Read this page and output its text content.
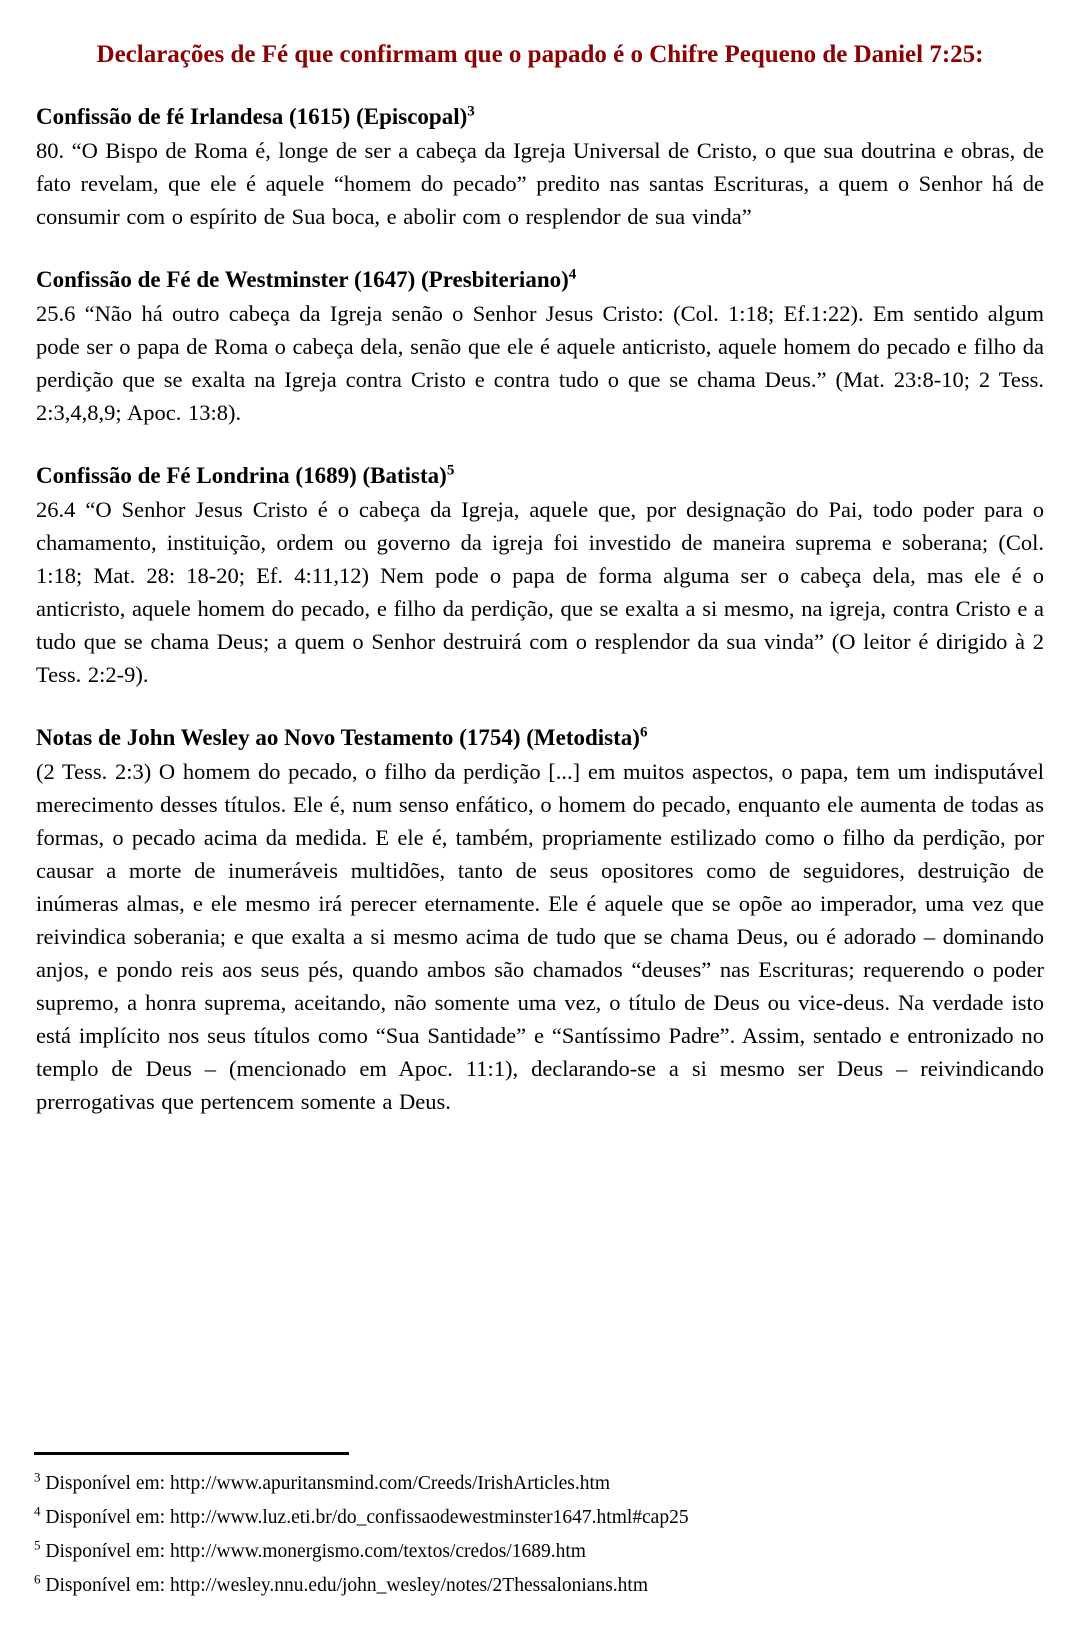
Declarações de Fé que confirmam que o papado é o Chifre Pequeno de Daniel 7:25:
Confissão de fé Irlandesa (1615) (Episcopal)$^3$

80. “O Bispo de Roma é, longe de ser a cabeça da Igreja Universal de Cristo, o que sua doutrina e obras, de fato revelam, que ele é aquele “homem do pecado” predito nas santas Escrituras, a quem o Senhor há de consumir com o espírito de Sua boca, e abolir com o resplendor de sua vinda”

Confissão de Fé de Westminster (1647) (Presbiteriano)$^4$

25.6 “Não há outro cabeça da Igreja senão o Senhor Jesus Cristo: (Col. 1:18; Ef.1:22). Em sentido algum pode ser o papa de Roma o cabeça dela, senão que ele é aquele anticristo, aquele homem do pecado e filho da perdição que se exalta na Igreja contra Cristo e contra tudo o que se chama Deus.” (Mat. 23:8-10; 2 Tess. 2:3,4,8,9; Apoc. 13:8).

Confissão de Fé Londrina (1689) (Batista)$^5$

26.4 “O Senhor Jesus Cristo é o cabeça da Igreja, aquele que, por designação do Pai, todo poder para o chamamento, instituição, ordem ou governo da igreja foi investido de maneira suprema e soberana; (Col. 1:18; Mat. 28: 18-20; Ef. 4:11,12) Nem pode o papa de forma alguma ser o cabeça dela, mas ele é o anticristo, aquele homem do pecado, e filho da perdição, que se exalta a si mesmo, na igreja, contra Cristo e a tudo que se chama Deus; a quem o Senhor destruirá com o resplendor da sua vinda” (O leitor é dirigido à 2 Tess. 2:2-9).

Notas de John Wesley ao Novo Testamento (1754) (Metodista)$^6$

(2 Tess. 2:3) O homem do pecado, o filho da perdição [...] em muitos aspectos, o papa, tem um indisputável merecimento desses títulos. Ele é, num senso enfático, o homem do pecado, enquanto ele aumenta de todas as formas, o pecado acima da medida. E ele é, também, propriamente estilizado como o filho da perdição, por causar a morte de inumeráveis multidões, tanto de seus opositores como de seguidores, destruição de inúmeras almas, e ele mesmo irá perecer eternamente. Ele é aquele que se opõe ao imperador, uma vez que reivindica soberania; e que exalta a si mesmo acima de tudo que se chama Deus, ou é adorado – dominando anjos, e pondo reis aos seus pés, quando ambos são chamados “deuses” nas Escrituras; requerendo o poder supremo, a honra suprema, aceitando, não somente uma vez, o título de Deus ou vice-deus. Na verdade isto está implícito nos seus títulos como “Sua Santidade” e “Santíssimo Padre”. Assim, sentado e entronizado no templo de Deus – (mencionado em Apoc. 11:1), declarando-se a si mesmo ser Deus – reivindicando prerrogativas que pertencem somente a Deus.

$^3$ Disponível em: http://www.apuritansmind.com/Creeds/IrishArticles.htm
$^4$ Disponível em: http://www.luz.eti.br/do_confissaodewestminster1647.html#cap25
$^5$ Disponível em: http://www.monergismo.com/textos/credos/1689.htm
$^6$ Disponível em: http://wesley.nnu.edu/john_wesley/notes/2Thessalonians.htm
